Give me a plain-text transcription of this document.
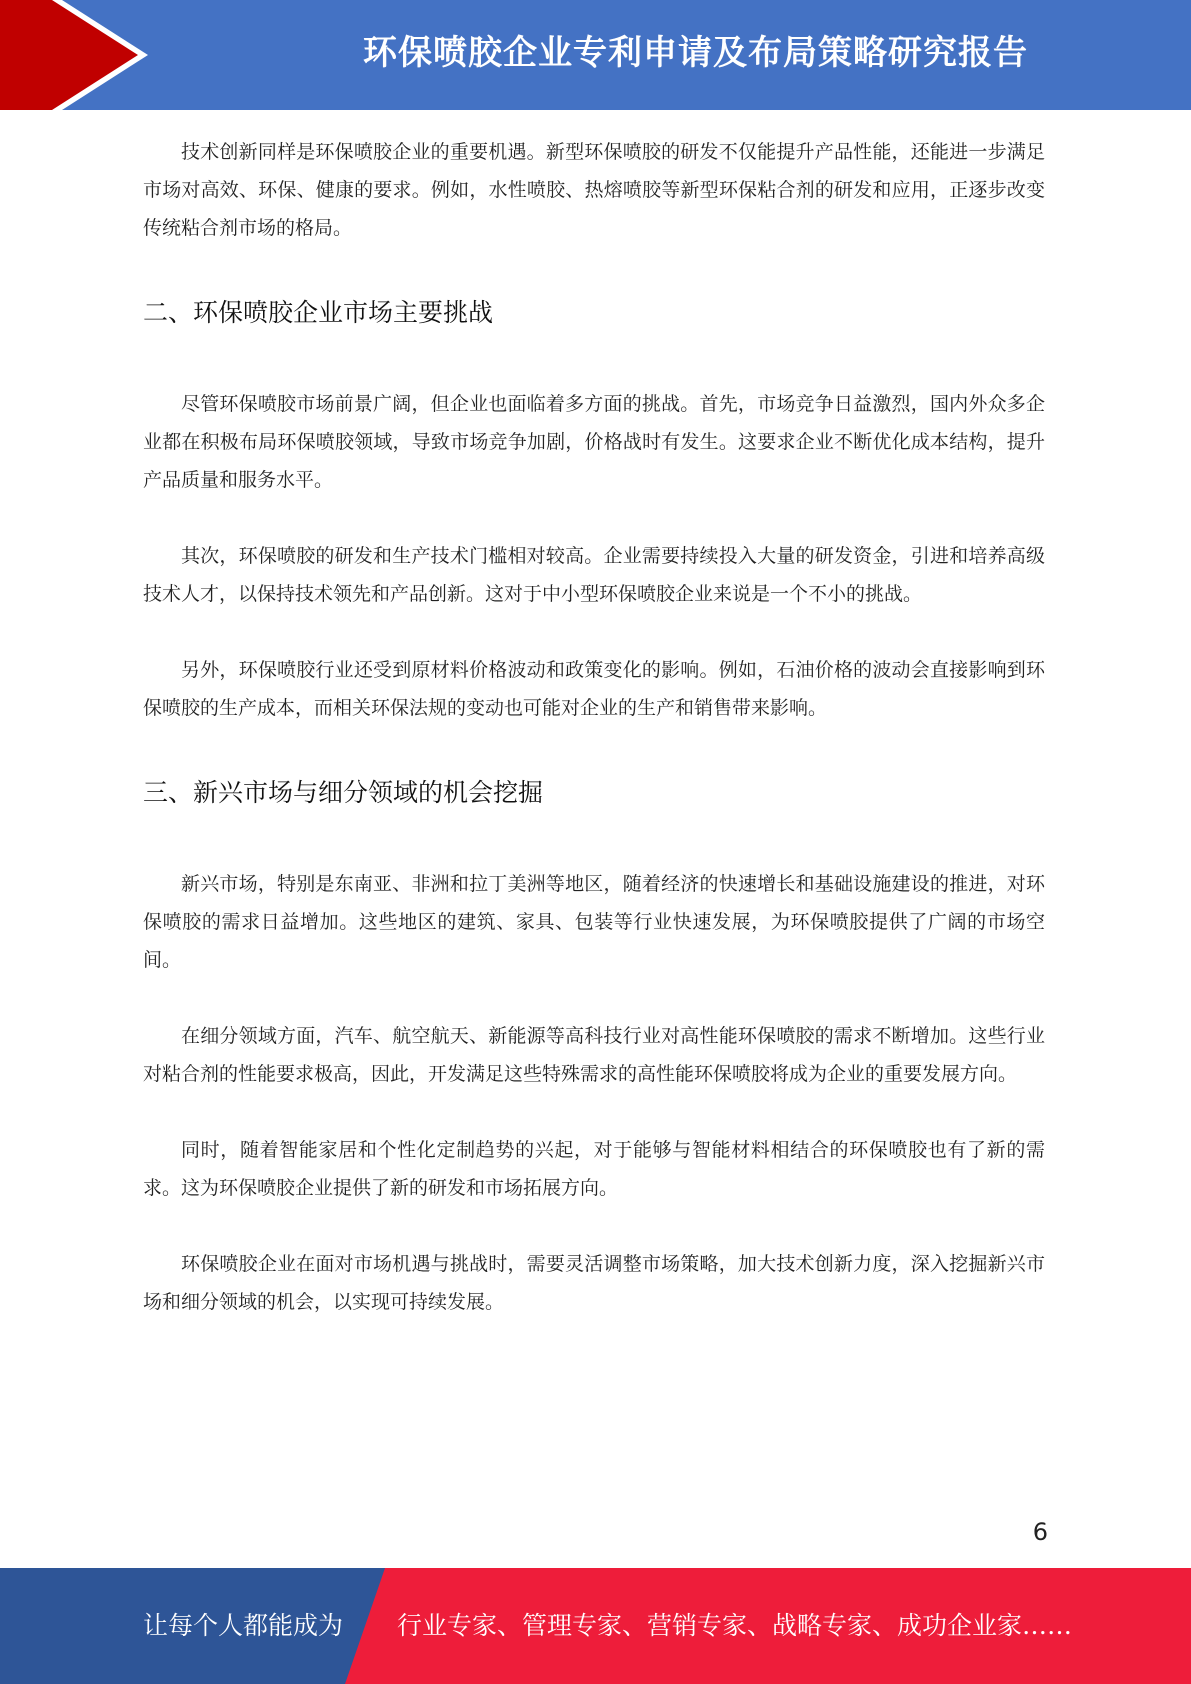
环保喷胶企业专利申请及布局策略研究报告

技术创新同样是环保喷胶企业的重要机遇。新型环保喷胶的研发不仅能提升产品性能，还能进一步满足市场对高效、环保、健康的要求。例如，水性喷胶、热熔喷胶等新型环保粘合剂的研发和应用，正逐步改变传统粘合剂市场的格局。

二、环保喷胶企业市场主要挑战

尽管环保喷胶市场前景广阔，但企业也面临着多方面的挑战。首先，市场竞争日益激烈，国内外众多企业都在积极布局环保喷胶领域，导致市场竞争加剧，价格战时有发生。这要求企业不断优化成本结构，提升产品质量和服务水平。

其次，环保喷胶的研发和生产技术门槛相对较高。企业需要持续投入大量的研发资金，引进和培养高级技术人才，以保持技术领先和产品创新。这对于中小型环保喷胶企业来说是一个不小的挑战。

另外，环保喷胶行业还受到原材料价格波动和政策变化的影响。例如，石油价格的波动会直接影响到环保喷胶的生产成本，而相关环保法规的变动也可能对企业的生产和销售带来影响。

三、新兴市场与细分领域的机会挖掘

新兴市场，特别是东南亚、非洲和拉丁美洲等地区，随着经济的快速增长和基础设施建设的推进，对环保喷胶的需求日益增加。这些地区的建筑、家具、包装等行业快速发展，为环保喷胶提供了广阔的市场空间。

在细分领域方面，汽车、航空航天、新能源等高科技行业对高性能环保喷胶的需求不断增加。这些行业对粘合剂的性能要求极高，因此，开发满足这些特殊需求的高性能环保喷胶将成为企业的重要发展方向。

同时，随着智能家居和个性化定制趋势的兴起，对于能够与智能材料相结合的环保喷胶也有了新的需求。这为环保喷胶企业提供了新的研发和市场拓展方向。

环保喷胶企业在面对市场机遇与挑战时，需要灵活调整市场策略，加大技术创新力度，深入挖掘新兴市场和细分领域的机会，以实现可持续发展。

6
让每个人都能成为 行业专家、管理专家、营销专家、战略专家、成功企业家……
